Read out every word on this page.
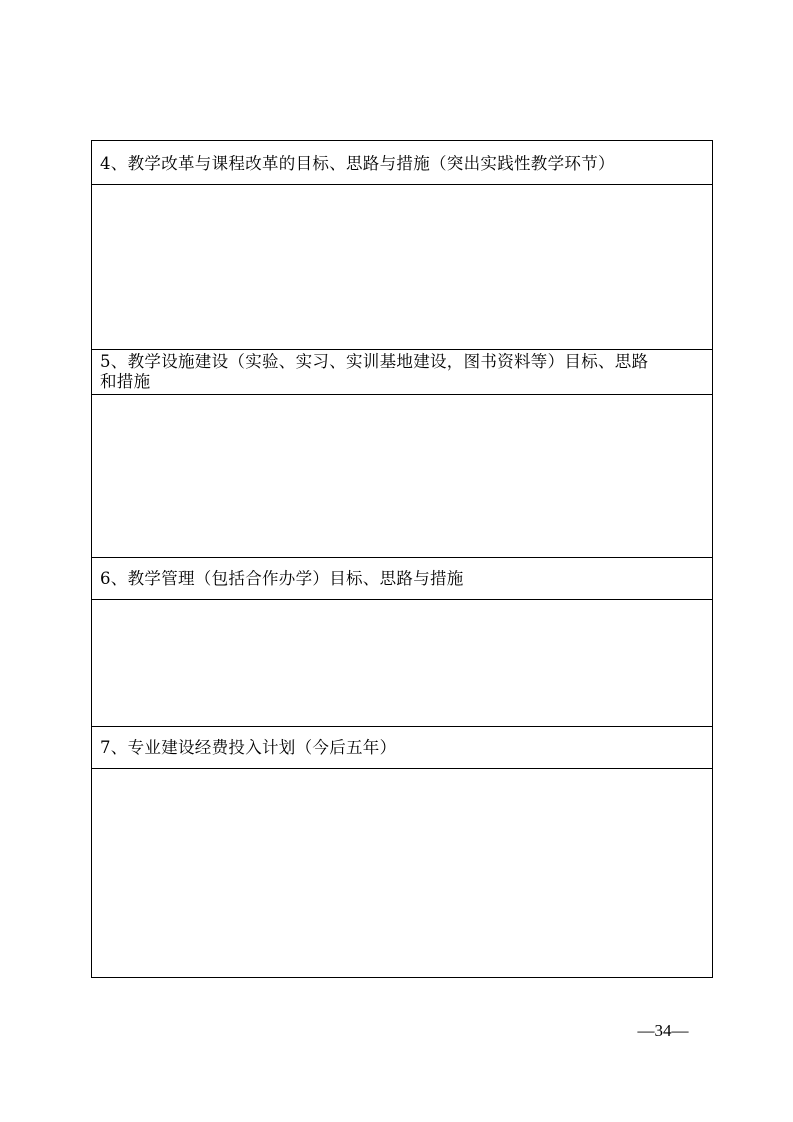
4、教学改革与课程改革的目标、思路与措施（突出实践性教学环节）
5、教学设施建设（实验、实习、实训基地建设，图书资料等）目标、思路
和措施
6、教学管理（包括合作办学）目标、思路与措施
7、专业建设经费投入计划（今后五年）
—34—
